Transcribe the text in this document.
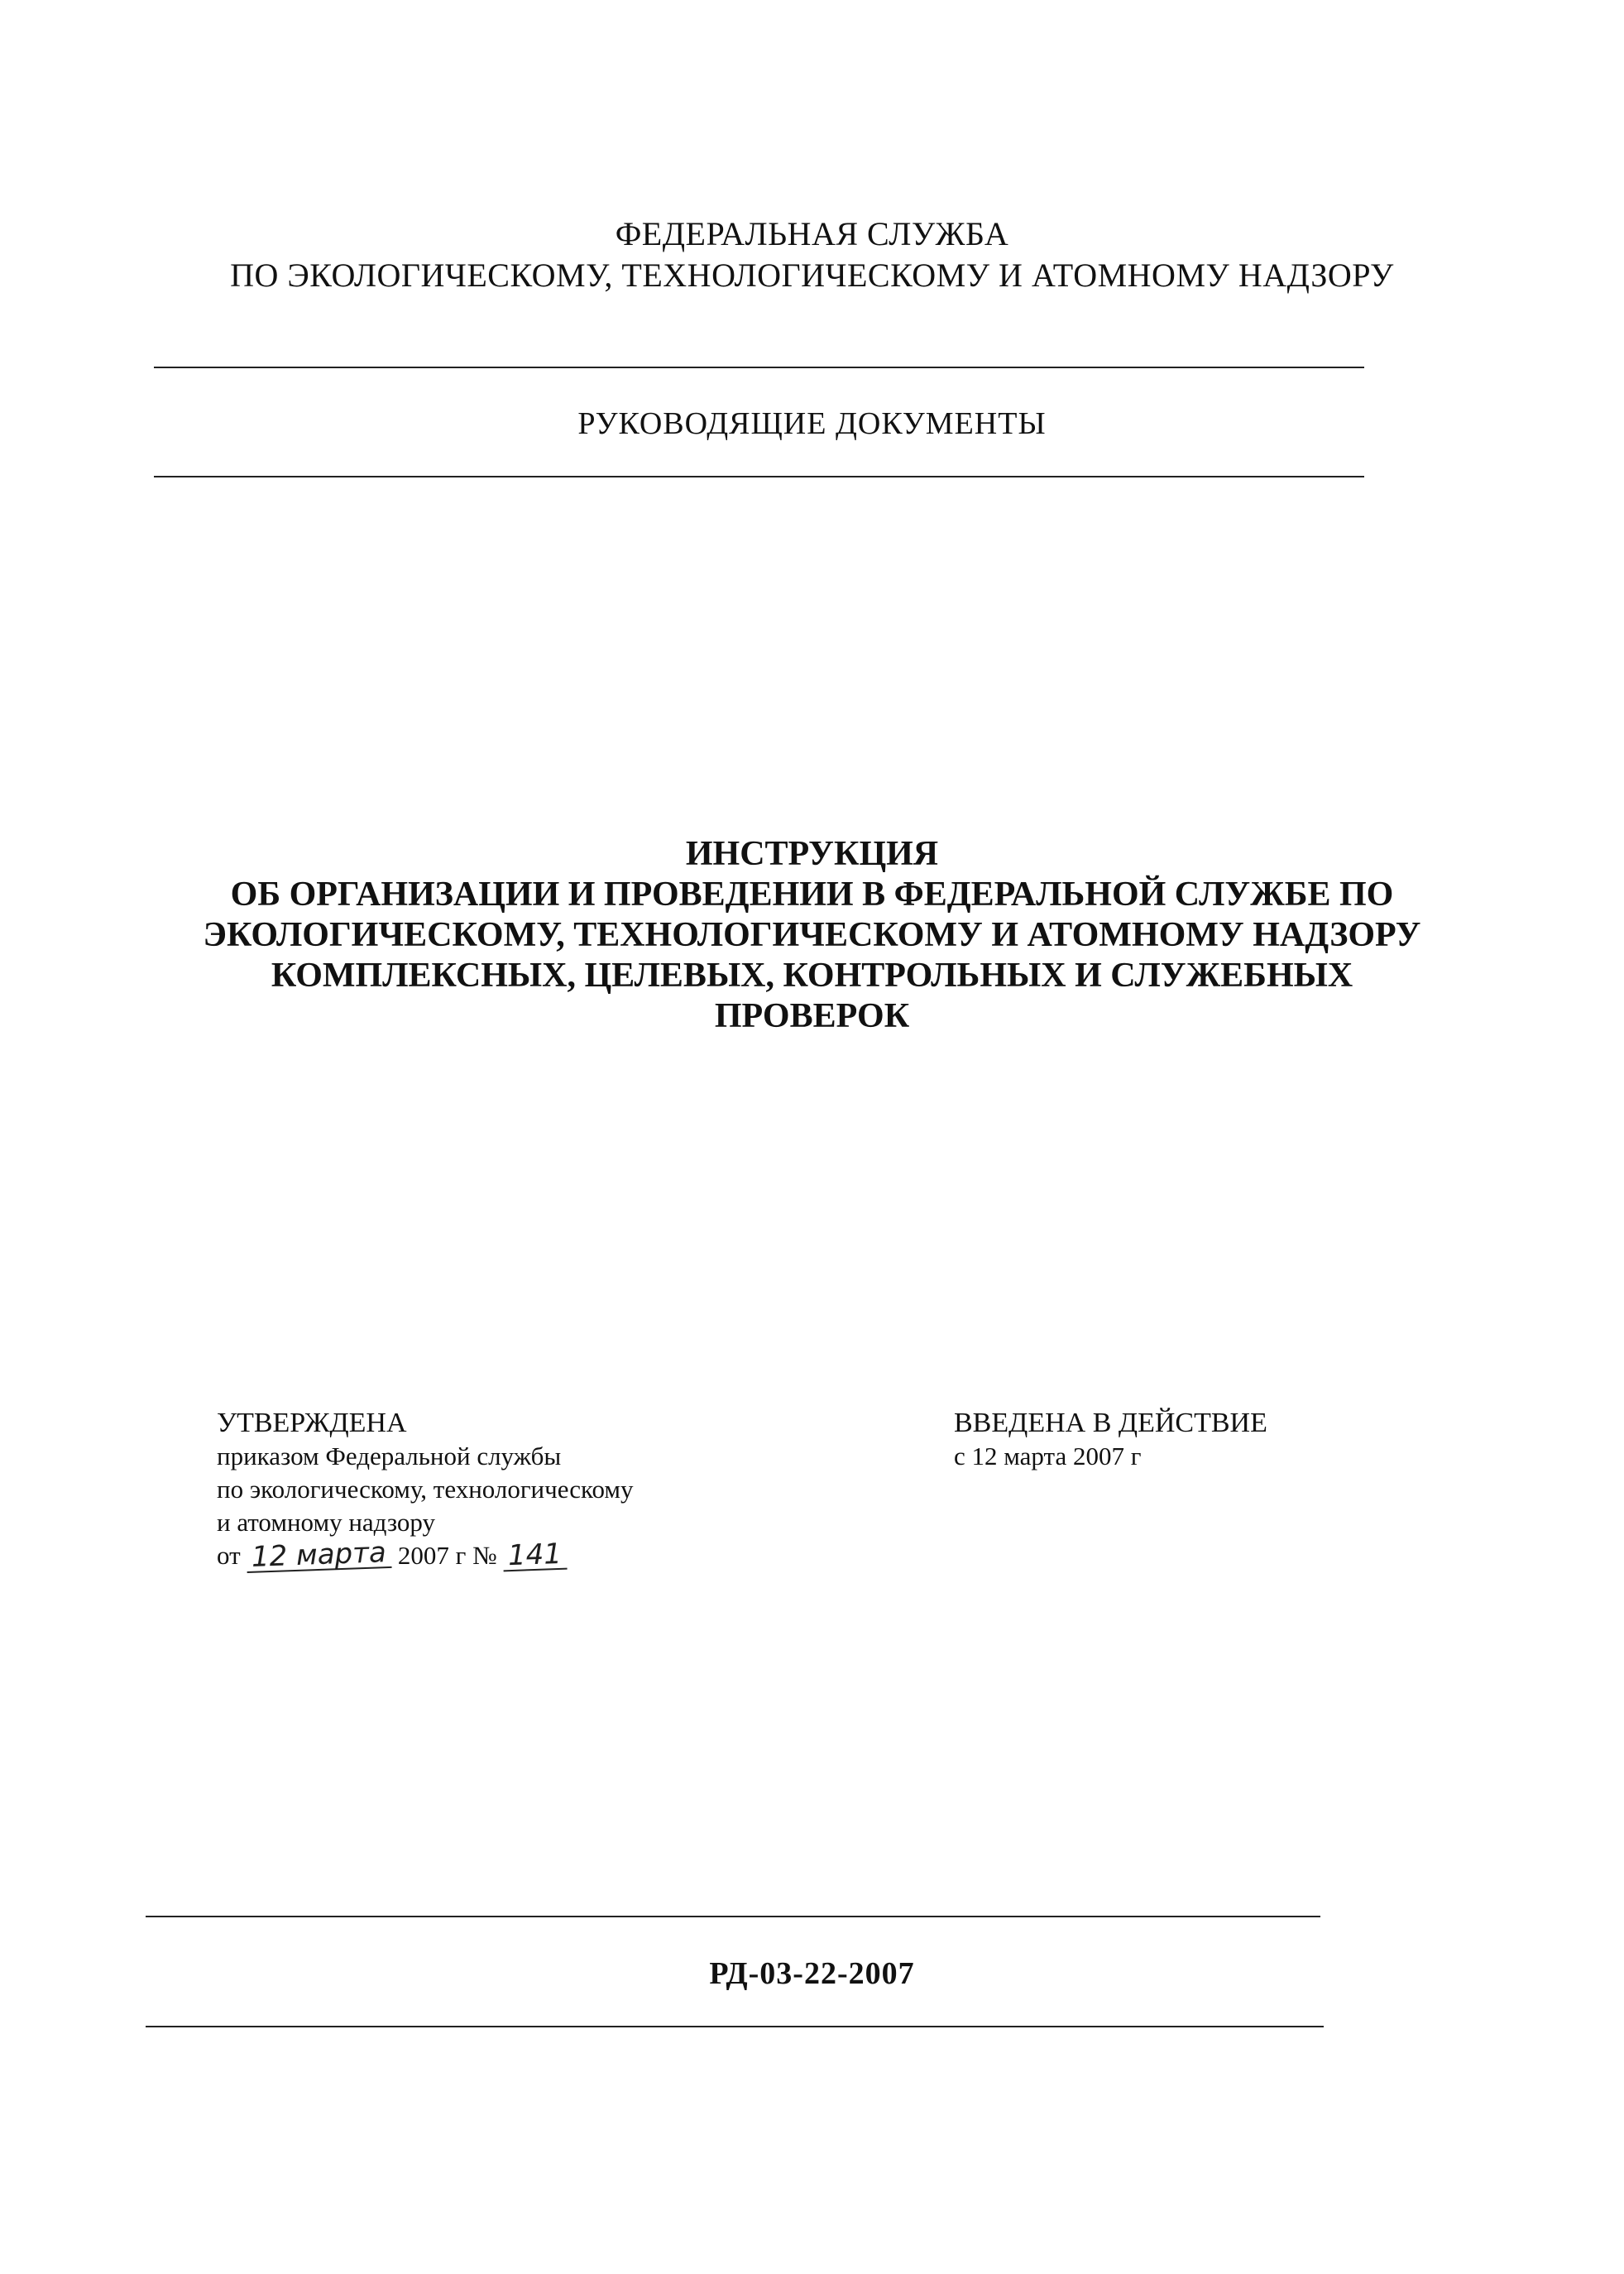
ФЕДЕРАЛЬНАЯ СЛУЖБА
ПО ЭКОЛОГИЧЕСКОМУ, ТЕХНОЛОГИЧЕСКОМУ И АТОМНОМУ НАДЗОРУ
РУКОВОДЯЩИЕ ДОКУМЕНТЫ
ИНСТРУКЦИЯ
ОБ ОРГАНИЗАЦИИ И ПРОВЕДЕНИИ В ФЕДЕРАЛЬНОЙ СЛУЖБЕ ПО
ЭКОЛОГИЧЕСКОМУ, ТЕХНОЛОГИЧЕСКОМУ И АТОМНОМУ НАДЗОРУ
КОМПЛЕКСНЫХ, ЦЕЛЕВЫХ, КОНТРОЛЬНЫХ И СЛУЖЕБНЫХ
ПРОВЕРОК
УТВЕРЖДЕНА
приказом Федеральной службы
по экологическому, технологическому
и атомному надзору
от 12 марта 2007 г № 141
ВВЕДЕНА В ДЕЙСТВИЕ
с 12 марта 2007 г
РД-03-22-2007
